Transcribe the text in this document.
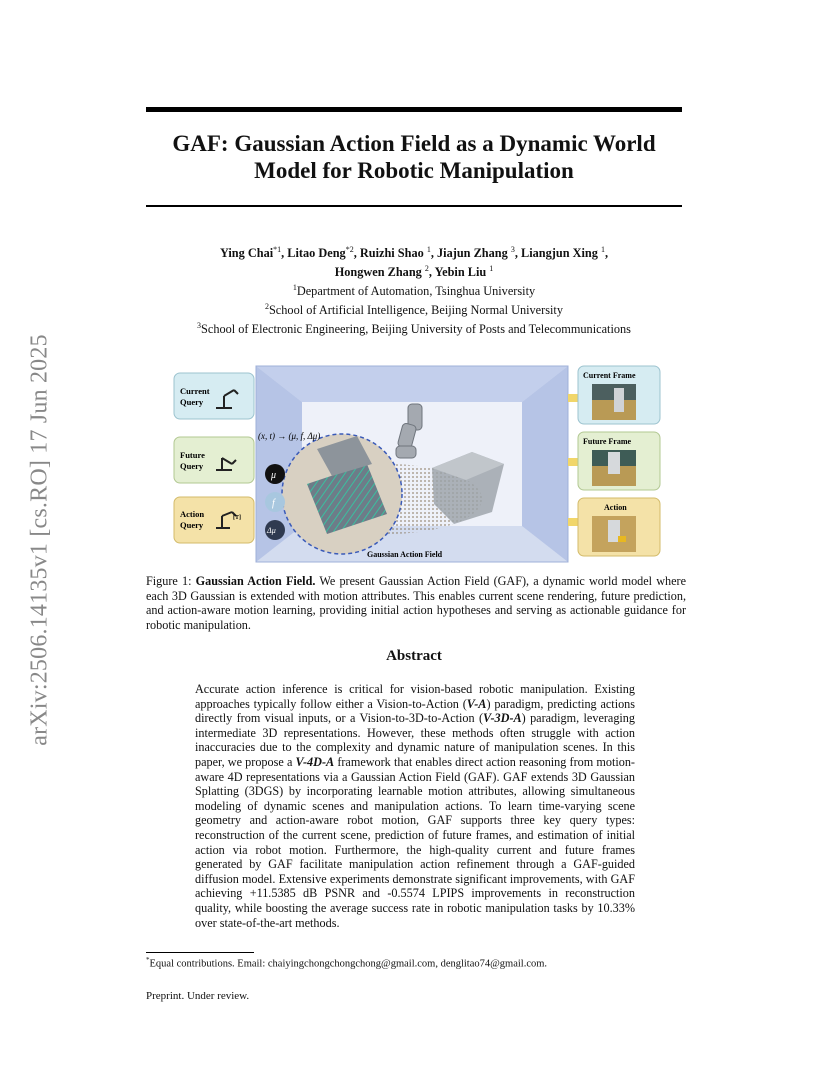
arXiv:2506.14135v1 [cs.RO] 17 Jun 2025
GAF: Gaussian Action Field as a Dynamic World
Model for Robotic Manipulation
Ying Chai$^{*1}$, Litao Deng$^{*2}$, Ruizhi Shao $^1$, Jiajun Zhang $^3$, Liangjun Xing $^1$,
Hongwen Zhang $^2$, Yebin Liu $^1$
$^1$Department of Automation, Tsinghua University
$^2$School of Artificial Intelligence, Beijing Normal University
$^3$School of Electronic Engineering, Beijing University of Posts and Telecommunications
Current
Query
Future
Query
Action
Query
[T]
(x, t) → (μ, f, Δμ)
μ
f
Δμ
Gaussian Action Field
Current Frame
Future Frame
Action
Figure 1: Gaussian Action Field. We present Gaussian Action Field (GAF), a dynamic world model where each 3D Gaussian is extended with motion attributes. This enables current scene rendering, future prediction, and action-aware motion learning, providing initial action hypotheses and serving as actionable guidance for robotic manipulation.
Abstract
Accurate action inference is critical for vision-based robotic manipulation. Existing approaches typically follow either a Vision-to-Action (V-A) paradigm, predicting actions directly from visual inputs, or a Vision-to-3D-to-Action (V-3D-A) paradigm, leveraging intermediate 3D representations. However, these methods often struggle with action inaccuracies due to the complexity and dynamic nature of manipulation scenes. In this paper, we propose a V-4D-A framework that enables direct action reasoning from motion-aware 4D representations via a Gaussian Action Field (GAF). GAF extends 3D Gaussian Splatting (3DGS) by incorporating learnable motion attributes, allowing simultaneous modeling of dynamic scenes and manipulation actions. To learn time-varying scene geometry and action-aware robot motion, GAF supports three key query types: reconstruction of the current scene, prediction of future frames, and estimation of initial action via robot motion. Furthermore, the high-quality current and future frames generated by GAF facilitate manipulation action refinement through a GAF-guided diffusion model. Extensive experiments demonstrate significant improvements, with GAF achieving +11.5385 dB PSNR and -0.5574 LPIPS improvements in reconstruction quality, while boosting the average success rate in robotic manipulation tasks by 10.33% over state-of-the-art methods.
*Equal contributions. Email: chaiyingchongchongchong@gmail.com, denglitao74@gmail.com.
Preprint. Under review.
